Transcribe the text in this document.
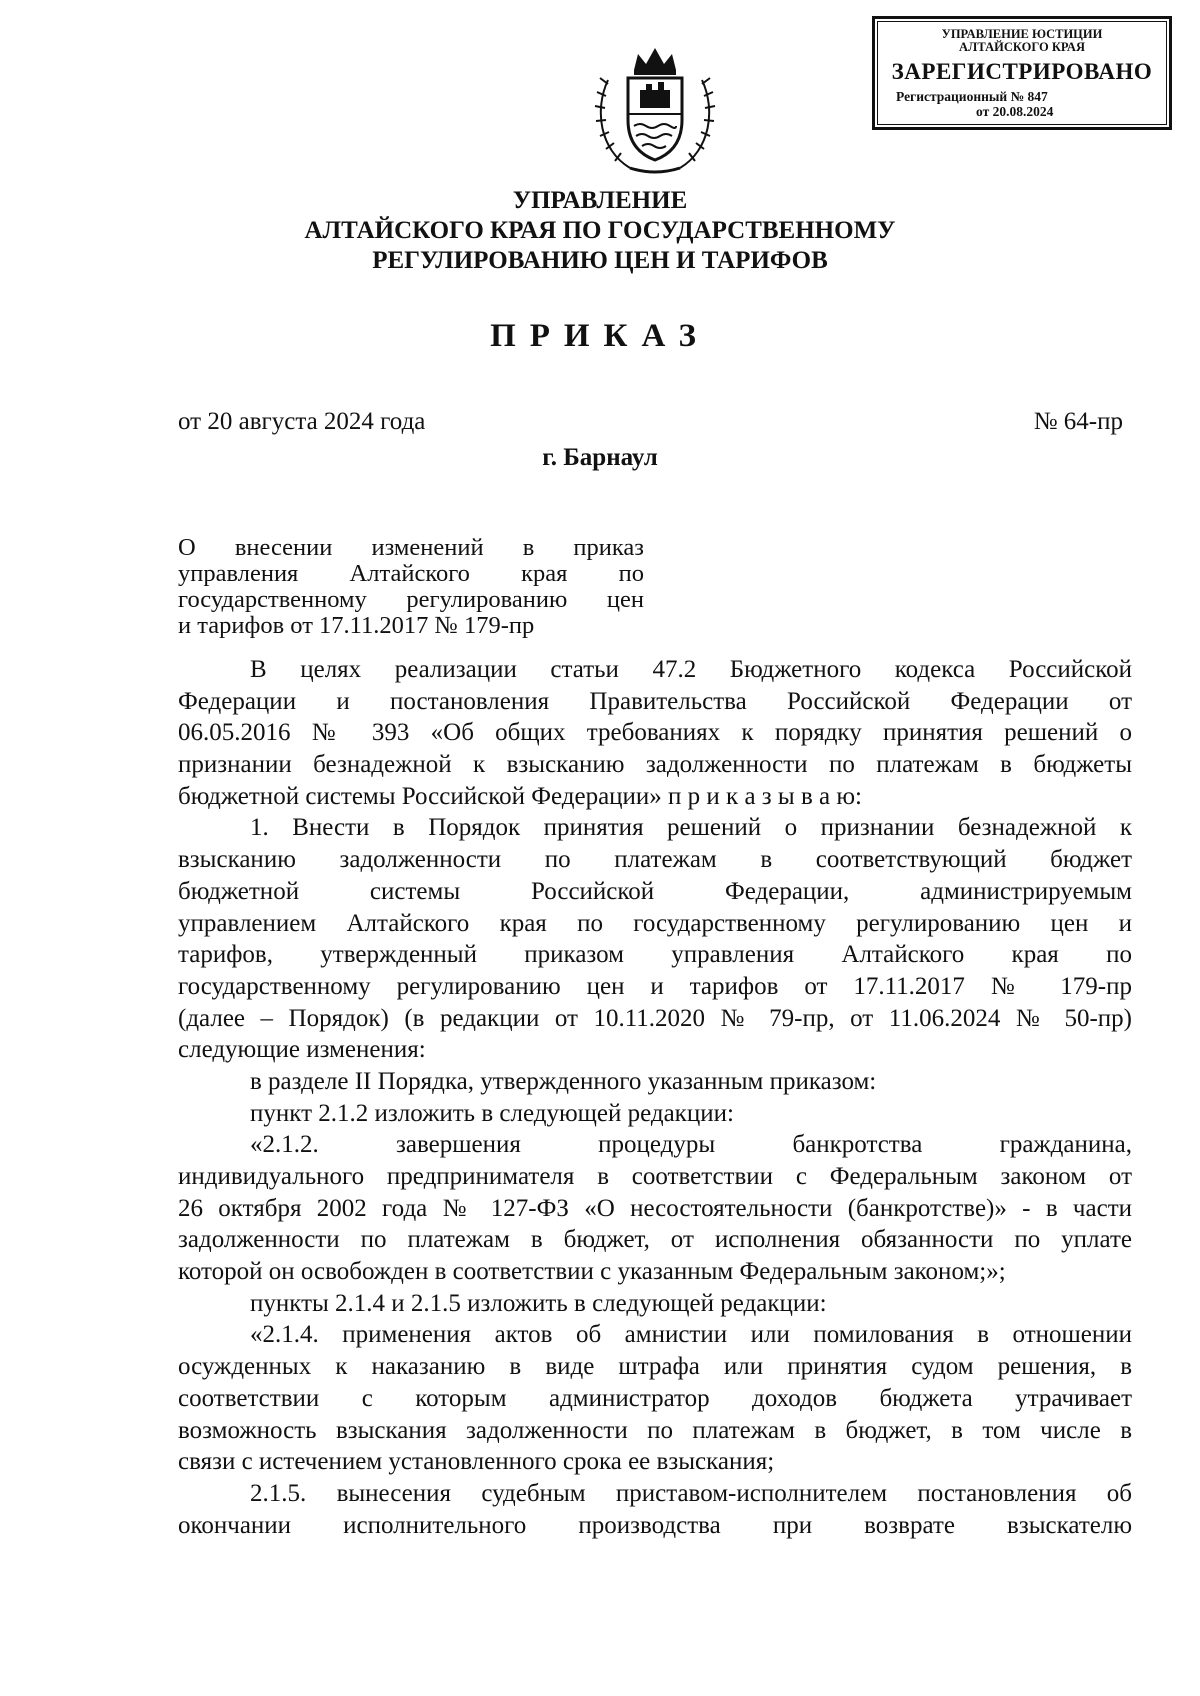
УПРАВЛЕНИЕ ЮСТИЦИИ
АЛТАЙСКОГО КРАЯ
ЗАРЕГИСТРИРОВАНО
Регистрационный № 847
от 20.08.2024
УПРАВЛЕНИЕ
АЛТАЙСКОГО КРАЯ ПО ГОСУДАРСТВЕННОМУ
РЕГУЛИРОВАНИЮ ЦЕН И ТАРИФОВ
ПРИКАЗ
от 20 августа 2024 года	№ 64-пр
г. Барнаул
О внесении изменений в приказ
управления Алтайского края по
государственному регулированию цен
и тарифов от 17.11.2017 № 179-пр
В целях реализации статьи 47.2 Бюджетного кодекса Российской
Федерации и постановления Правительства Российской Федерации от
06.05.2016 № 393 «Об общих требованиях к порядку принятия решений о
признании безнадежной к взысканию задолженности по платежам в бюджеты
бюджетной системы Российской Федерации» п р и к а з ы в а ю:
1. Внести в Порядок принятия решений о признании безнадежной к
взысканию задолженности по платежам в соответствующий бюджет
бюджетной системы Российской Федерации, администрируемым
управлением Алтайского края по государственному регулированию цен и
тарифов, утвержденный приказом управления Алтайского края по
государственному регулированию цен и тарифов от 17.11.2017 № 179-пр
(далее – Порядок) (в редакции от 10.11.2020 № 79-пр, от 11.06.2024 № 50-пр)
следующие изменения:
в разделе II Порядка, утвержденного указанным приказом:
пункт 2.1.2 изложить в следующей редакции:
«2.1.2. завершения процедуры банкротства гражданина,
индивидуального предпринимателя в соответствии с Федеральным законом от
26 октября 2002 года № 127-ФЗ «О несостоятельности (банкротстве)» - в части
задолженности по платежам в бюджет, от исполнения обязанности по уплате
которой он освобожден в соответствии с указанным Федеральным законом;»;
пункты 2.1.4 и 2.1.5 изложить в следующей редакции:
«2.1.4. применения актов об амнистии или помилования в отношении
осужденных к наказанию в виде штрафа или принятия судом решения, в
соответствии с которым администратор доходов бюджета утрачивает
возможность взыскания задолженности по платежам в бюджет, в том числе в
связи с истечением установленного срока ее взыскания;
2.1.5. вынесения судебным приставом-исполнителем постановления об
окончании исполнительного производства при возврате взыскателю
